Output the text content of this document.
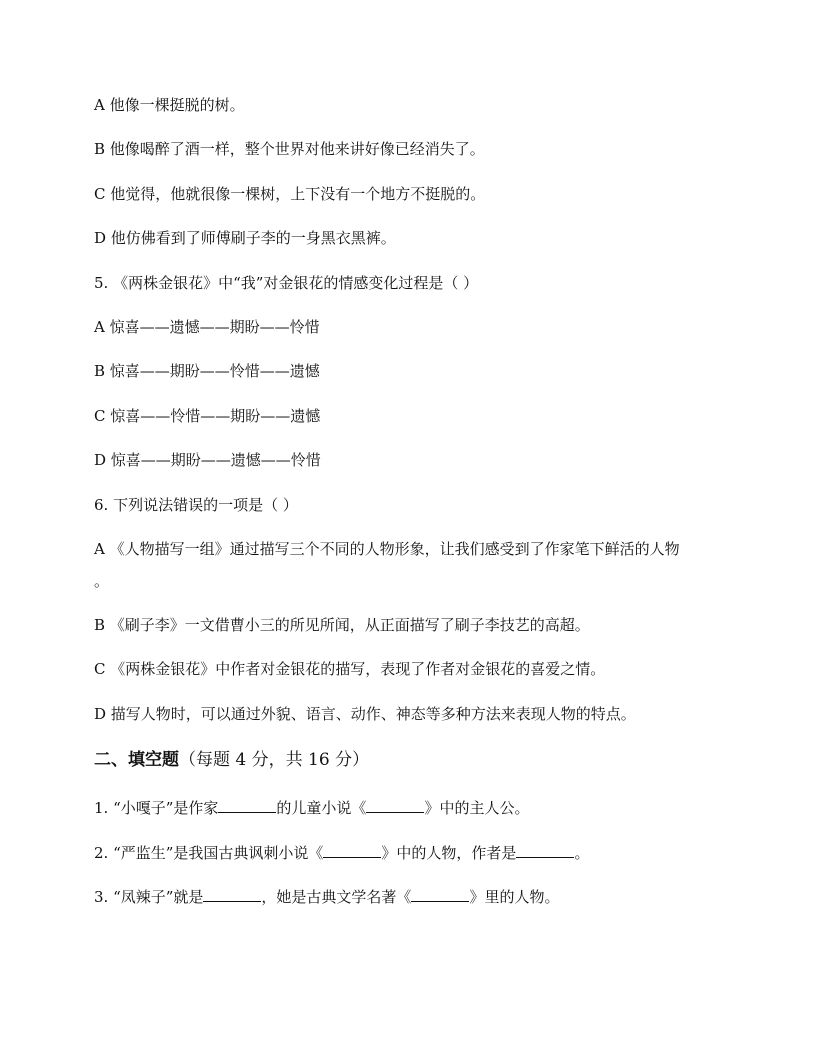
A 他像一棵挺脱的树。
B 他像喝醉了酒一样，整个世界对他来讲好像已经消失了。
C 他觉得，他就很像一棵树，上下没有一个地方不挺脱的。
D 他仿佛看到了师傅刷子李的一身黑衣黑裤。
5. 《两株金银花》中“我”对金银花的情感变化过程是（ ）
A 惊喜——遗憾——期盼——怜惜
B 惊喜——期盼——怜惜——遗憾
C 惊喜——怜惜——期盼——遗憾
D 惊喜——期盼——遗憾——怜惜
6. 下列说法错误的一项是（ ）
A 《人物描写一组》通过描写三个不同的人物形象，让我们感受到了作家笔下鲜活的人物
。
B 《刷子李》一文借曹小三的所见所闻，从正面描写了刷子李技艺的高超。
C 《两株金银花》中作者对金银花的描写，表现了作者对金银花的喜爱之情。
D 描写人物时，可以通过外貌、语言、动作、神态等多种方法来表现人物的特点。
二、填空题（每题 4 分，共 16 分）
1. “小嘎子”是作家	的儿童小说《	》中的主人公。
2. “严监生”是我国古典讽刺小说《	》中的人物，作者是	。
3. “凤辣子”就是	，她是古典文学名著《	》里的人物。
